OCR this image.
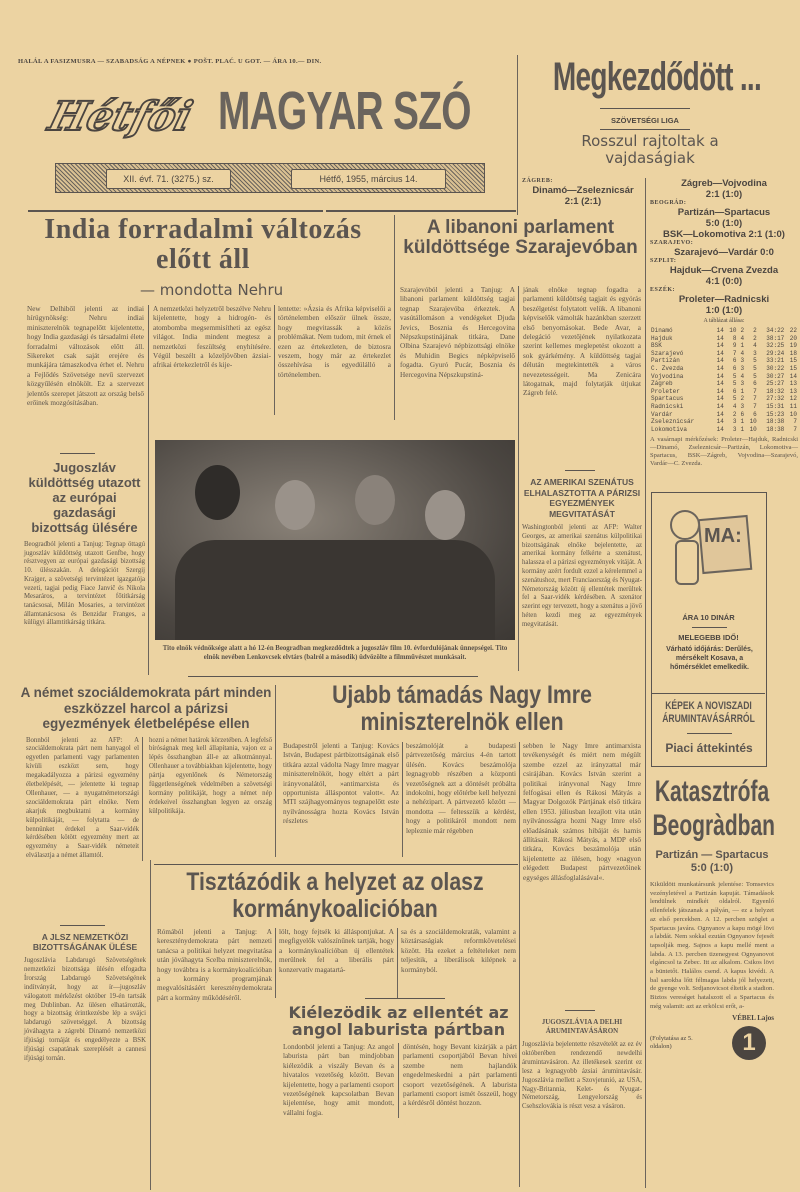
HALÁL A FASIZMUSRA — SZABADSÁG A NÉPNEK ● POŠT. PLAĆ. U GOT. — ÁRA 10.— DIN.
Hétfői MAGYAR SZÓ
XII. évf. 71. (3275.) sz.	Hétfő, 1955, március 14.
Megkezdődött ...
SZÖVETSÉGI LIGA
Rosszul rajtoltak a vajdaságiak
ZÁGREB:
Dinamó—Zseleznicsár
2:1 (2:1)
Zágreb—Vojvodina
2:1 (1:0)
BEOGRÁD:
Partizán—Spartacus
5:0 (1:0)
BSK—Lokomotiva 2:1 (1:0)
SZARAJEVO:
Szarajevó—Vardár 0:0
SZPLIT:
Hajduk—Crvena Zvezda
4:1 (0:0)
ESZÉK:
Proleter—Radnicski
1:0 (1:0)
A táblázat állása:
Dinamó	14	10	2	2	34:22	22
Hajduk	14	8	4	2	38:17	20
BSK	14	9	1	4	32:25	19
Szarajevó	14	7	4	3	29:24	18
Partizán	14	6	3	5	33:21	15
C. Zvezda	14	6	3	5	30:22	15
Vojvodina	14	5	4	5	30:27	14
Zágreb	14	5	3	6	25:27	13
Proleter	14	6	1	7	18:32	13
Spartacus	14	5	2	7	27:32	12
Radnicski	14	4	3	7	15:31	11
Vardár	14	2	6	6	15:23	10
Zseleznicsár	14	3	1	10	18:38	7
Lokomotiva	14	3	1	10	18:38	7
A vasárnapi mérkőzések: Proleter—Hajduk, Radnicski—Dinamó, Zseleznicsár—Partizán, Lokomotiva—Spartacus, BSK—Zágreb, Vojvodina—Szarajevó, Vardár—C. Zvezda.
MA:
ÁRA 10 DINÁR
MELEGEBB IDŐ!
Várható időjárás: Derűlés, mérsékelt Kosava, a hőmérséklet emelkedik.
KÉPEK A NOVISZADI ÁRUMINTAVÁSÁRRÓL
Piaci áttekintés
Katasztrófa Beogràdban
Partizán — Spartacus 5:0 (1:0)
Kiküldött munkatársunk jelentése: Tomsevics vezényletével a Partizán kapuját. Támadások lendülnek mindkét oldalról. Egyenlő ellenfelek játszanak a pályán, — ez a helyzet az első percekben. A 12. percben szöglet a Spartacus javára. Ognyanov a kapu mögé lövi a labdát. Nem sokkal ezután Ognyanov fejesét tapsolják meg. Sajnos a kapu mellé ment a labda. A 13. percben tizenegyest Ognyanovot elgáncsol ta Zebec. Itt az alkalom. Csikos lövi a büntetőt. Halálos csend. A kapus kivédi. A bal sarokba lőtt félmagas labda jól helyezett, de gyenge volt. Srdjanovicsot éltetik a stadion. Biztos vereséget hatalszott el a Spartacus és még valamit: azt az erkölcsi erőt, a-
VÉBEL Lajos
(Folytatása az 5. oldalon)	1
India forradalmi változás előtt áll
— mondotta Nehru
New Delhiből jelenti az indiai hírügynökség: Nehru indiai miniszterelnök tegnapelőtt kijelentette, hogy India gazdasági és társadalmi élete forradalmi változások előtt áll. Sikereket csak saját erejére és munkájára támaszkodva érhet el. Nehru a Fejlődés Szövetsége nevű szervezet közgyűlésén elnökölt. Ez a szervezet jelentős szerepet játszott az ország belső erőinek mozgósításában.
A nemzetközi helyzetről beszélve Nehru kijelentette, hogy a hidrogén- és atombomba megsemmisítheti az egész világot. India mindent megtesz a nemzetközi feszültség enyhítésére. Végül beszélt a közeljövőben ázsiai-afrikai értekezletről és kije-
lentette: »Ázsia és Afrika képviselői a történelemben először ülnek össze, hogy megvitassák a közös problémákat. Nem tudom, mit érnek el ezen az értekezleten, de biztosra veszem, hogy már az értekezlet összehívása is egyedülálló a történelemben.
Jugoszláv küldöttség utazott az európai gazdasági bizottság ülésére
Beogradból jelenti a Tanjug: Tegnap öttagú jugoszláv küldöttség utazott Genfbe, hogy résztvegyen az európai gazdasági bizottság 10. ülésszakán. A delegációt Szergij Krajger, a szövetségi tervintézet igazgatója vezeti, tagjai pedig Fiace Janvič és Nikola Mesaráros, a tervintézet főtitkárság tanácsosai, Milán Mosaries, a tervintézet államtanácsosa és Benzidar Franges, a külügyi államtitkárság titkára.
A libanoni parlament küldöttsége Szarajevóban
Szarajevóból jelenti a Tanjug: A libanoni parlament küldöttség tagjai tegnap Szarajevóba érkeztek. A vasútállomáson a vendégeket Djuda Jevics, Bosznia és Hercegovina Népszkupstinájának titkára, Dane Olbina Szarajevó népbizottsági elnöke és Muhidin Begics népképviselő fogadta. Gyuró Pucár, Bosznia és Hercegovina Népszkupstiná-
jának elnöke tegnap fogadta a parlamenti küldöttség tagjait és egyórás beszélgetést folytatott velük. A libanoni képviselők vámolták hazánkban szerzett első benyomásokat. Bede Avar, a delegáció vezetőjének nyilatkozata szerint kellemes meglepetést okozott a sok gyárkémény. A küldöttség tagjai délután megtekintették a város nevezetességeit. Ma Zenicára látogatnak, majd folytatják útjukat Zágreb felé.
AZ AMERIKAI SZENÁTUS ELHALASZTOTTA A PÁRIZSI EGYEZMÉNYEK MEGVITATÁSÁT
Washingtonból jelenti az AFP: Walter Georges, az amerikai szenátus külpolitikai bizottságának elnöke bejelentette, az amerikai kormány felkérte a szenátust, halassza el a párizsi egyezmények vitáját. A kormány azért fordult ezzel a kérelemmel a szenátushoz, mert Franciaország és Nyugat-Németország között új ellentétek merültek fel a Saar-vidék kérdésében. A szenátor szerint egy tervezett, hogy a szenátus a jövő héten kezdi meg az egyezmények megvitatását.
Tito elnök védnöksége alatt a hó 12-én Beogradban megkezdődtek a jugoszláv film 10. évfordulójának ünnepségei. Tito elnök nevében Lenkovcsek elvtárs (balról a második) üdvözölte a filmművészet munkásait.
A német szociáldemokrata párt minden eszközzel harcol a párizsi egyezmények életbelépése ellen
Bonnból jelenti az AFP: A szociáldemokrata párt nem hanyagol el egyetlen parlamenti vagy parlamenten kívüli eszközt sem, hogy megakadályozza a párizsi egyezmény életbelépését, — jelentette ki tegnap Ollenhauer, — a nyugatnémetországi szociáldemokrata párt elnöke. Nem akarjuk megbuktatni a kormány külpolitikáját, — folytatta — de bennünket érdekel a Saar-vidék kérdésében kötött egyezmény mert az egyezmény a Saar-vidék németeit elválasztja a német államtól.
hozni a német határok körzetében. A legfelső bíróságnak meg kell állapítania, vajon ez a lépés összhangban áll-e az alkotmánnyal. Ollenhauer a továbbiakban kijelentette, hogy pártja egyenlőnek és Németország függetlenségének védelmében a szövetségi kormány politikáját, hogy a német nép érdekeivel összhangban legyen az ország külpolitikája.
A JLSZ NEMZETKÖZI BIZOTTSÁGÁNAK ÜLÉSE
Jugoszlávia Labdarugó Szövetségének nemzetközi bizottsága ülésén elfogadta Írország Labdarugó Szövetségének indítványát, hogy az ír—jugoszláv válogatott mérkőzést október 19-én tartsák meg Dublinban. Az ülésen elhatározták, hogy a bizottság érintkezésbe lép a svájci labdarugó szövetséggel. A bizottság jóváhagyta a zágrebi Dinamó nemzetközi ifjúsági tornáját és engedélyezte a BSK ifjúsági csapatának szereplését a cannesi ifjúsági tornán.
Ujabb támadás Nagy Imre miniszterelnök ellen
Budapestről jelenti a Tanjug: Kovács István, Budapest pártbizottságának első titkára azzal vádolta Nagy Imre magyar miniszterelnököt, hogy eltért a párt irányvonalától, »antimarxista és opportunista álláspontot valott«. Az MTI szájhagyományos tegnapelőtt este nyilvánosságra hozta Kovács István részletes
beszámolóját a budapesti pártvezetőség március 4-én tartott ülésén. Kovács beszámolója legnagyobb részében a központi vezetőségnek azt a döntését próbálta indokolni, hogy előtérbe kell helyezni a nehézipart. A pártvezető között — mondotta — feltesszük a kérdést, hogy a politikáról mondott nem lepleznie már régebben
sebben le Nagy Imre antimarxista tevékenységét és miért nem mégült szembe ezzel az irányzattal már csirájában. Kovács István szerint a politikai irányvonal Nagy Imre felfogásai ellen és Rákosi Mátyás a Magyar Dolgozók Pártjának első titkára ellen 1953. júliusban lezajlott vita után nyilvánosságra hozni Nagy Imre első előadásának számos hibáját és hamis állításait. Rákosi Mátyás, a MDP első titkára, Kovács beszámolója után kijelentette az ülésen, hogy »nagyon elégedett Budapest pártvezetőinek egységes állásfoglalásával«.
Tisztázódik a helyzet az olasz kormánykoalicióban
Rómából jelenti a Tanjug: A kereszténydemokrata párt nemzeti tanácsa a politikai helyzet megvitatása után jóváhagyta Scelba miniszterelnök, hogy továbbra is a kormánykoalícióban a kormány programjának megvalósításáért kereszténydemokrata párt a kormány működéséről.
lölt, hogy fejtsék ki álláspontjukat. A megfigyelők valószínűnek tartják, hogy a kormánykoalícióban új ellentétek merülnek fel a liberális párt konzervatív magatartá-
sa és a szociáldemokraták, valamint a köztársaságiak reformkövetelései között. Ha ezeket a feltételeket nem teljesítik, a liberálisok kilépnek a kormányból.
Kiélezödik az ellentét az angol laburista pártban
Londonból jelenti a Tanjug: Az angol laburista párt ban mindjobban kiélezödik a viszály Bevan és a hivatalos vezetőség között. Bevan kijelentette, hogy a parlamenti csoport vezetőségének kapcsolatban Bevan kijelentése, hogy amit mondott, vállalni fogja.
döntésén, hogy Bevant kizárják a párt parlamenti csoportjából Bevan hívei szembe nem hajlandók engedelmeskedni a párt parlamenti csoport vezetőségének. A laburista parlamenti csoport ismét összeül, hogy a kérdésről döntést hozzon.
JUGOSZLÁVIA A DELHI ÁRUMINTAVÁSÁRON
Jugoszlávia bejelentette részvételét az ez év októberében rendezendő newdelhi árumintavásáron. Az illetékesek szerint ez lesz a legnagyobb ázsiai árumintavásár. Jugoszlávia mellett a Szovjetunió, az USA, Nagy-Britannia, Kelet- és Nyugat-Németország, Lengyelország és Csehszlovákia is részt vesz a vásáron.
